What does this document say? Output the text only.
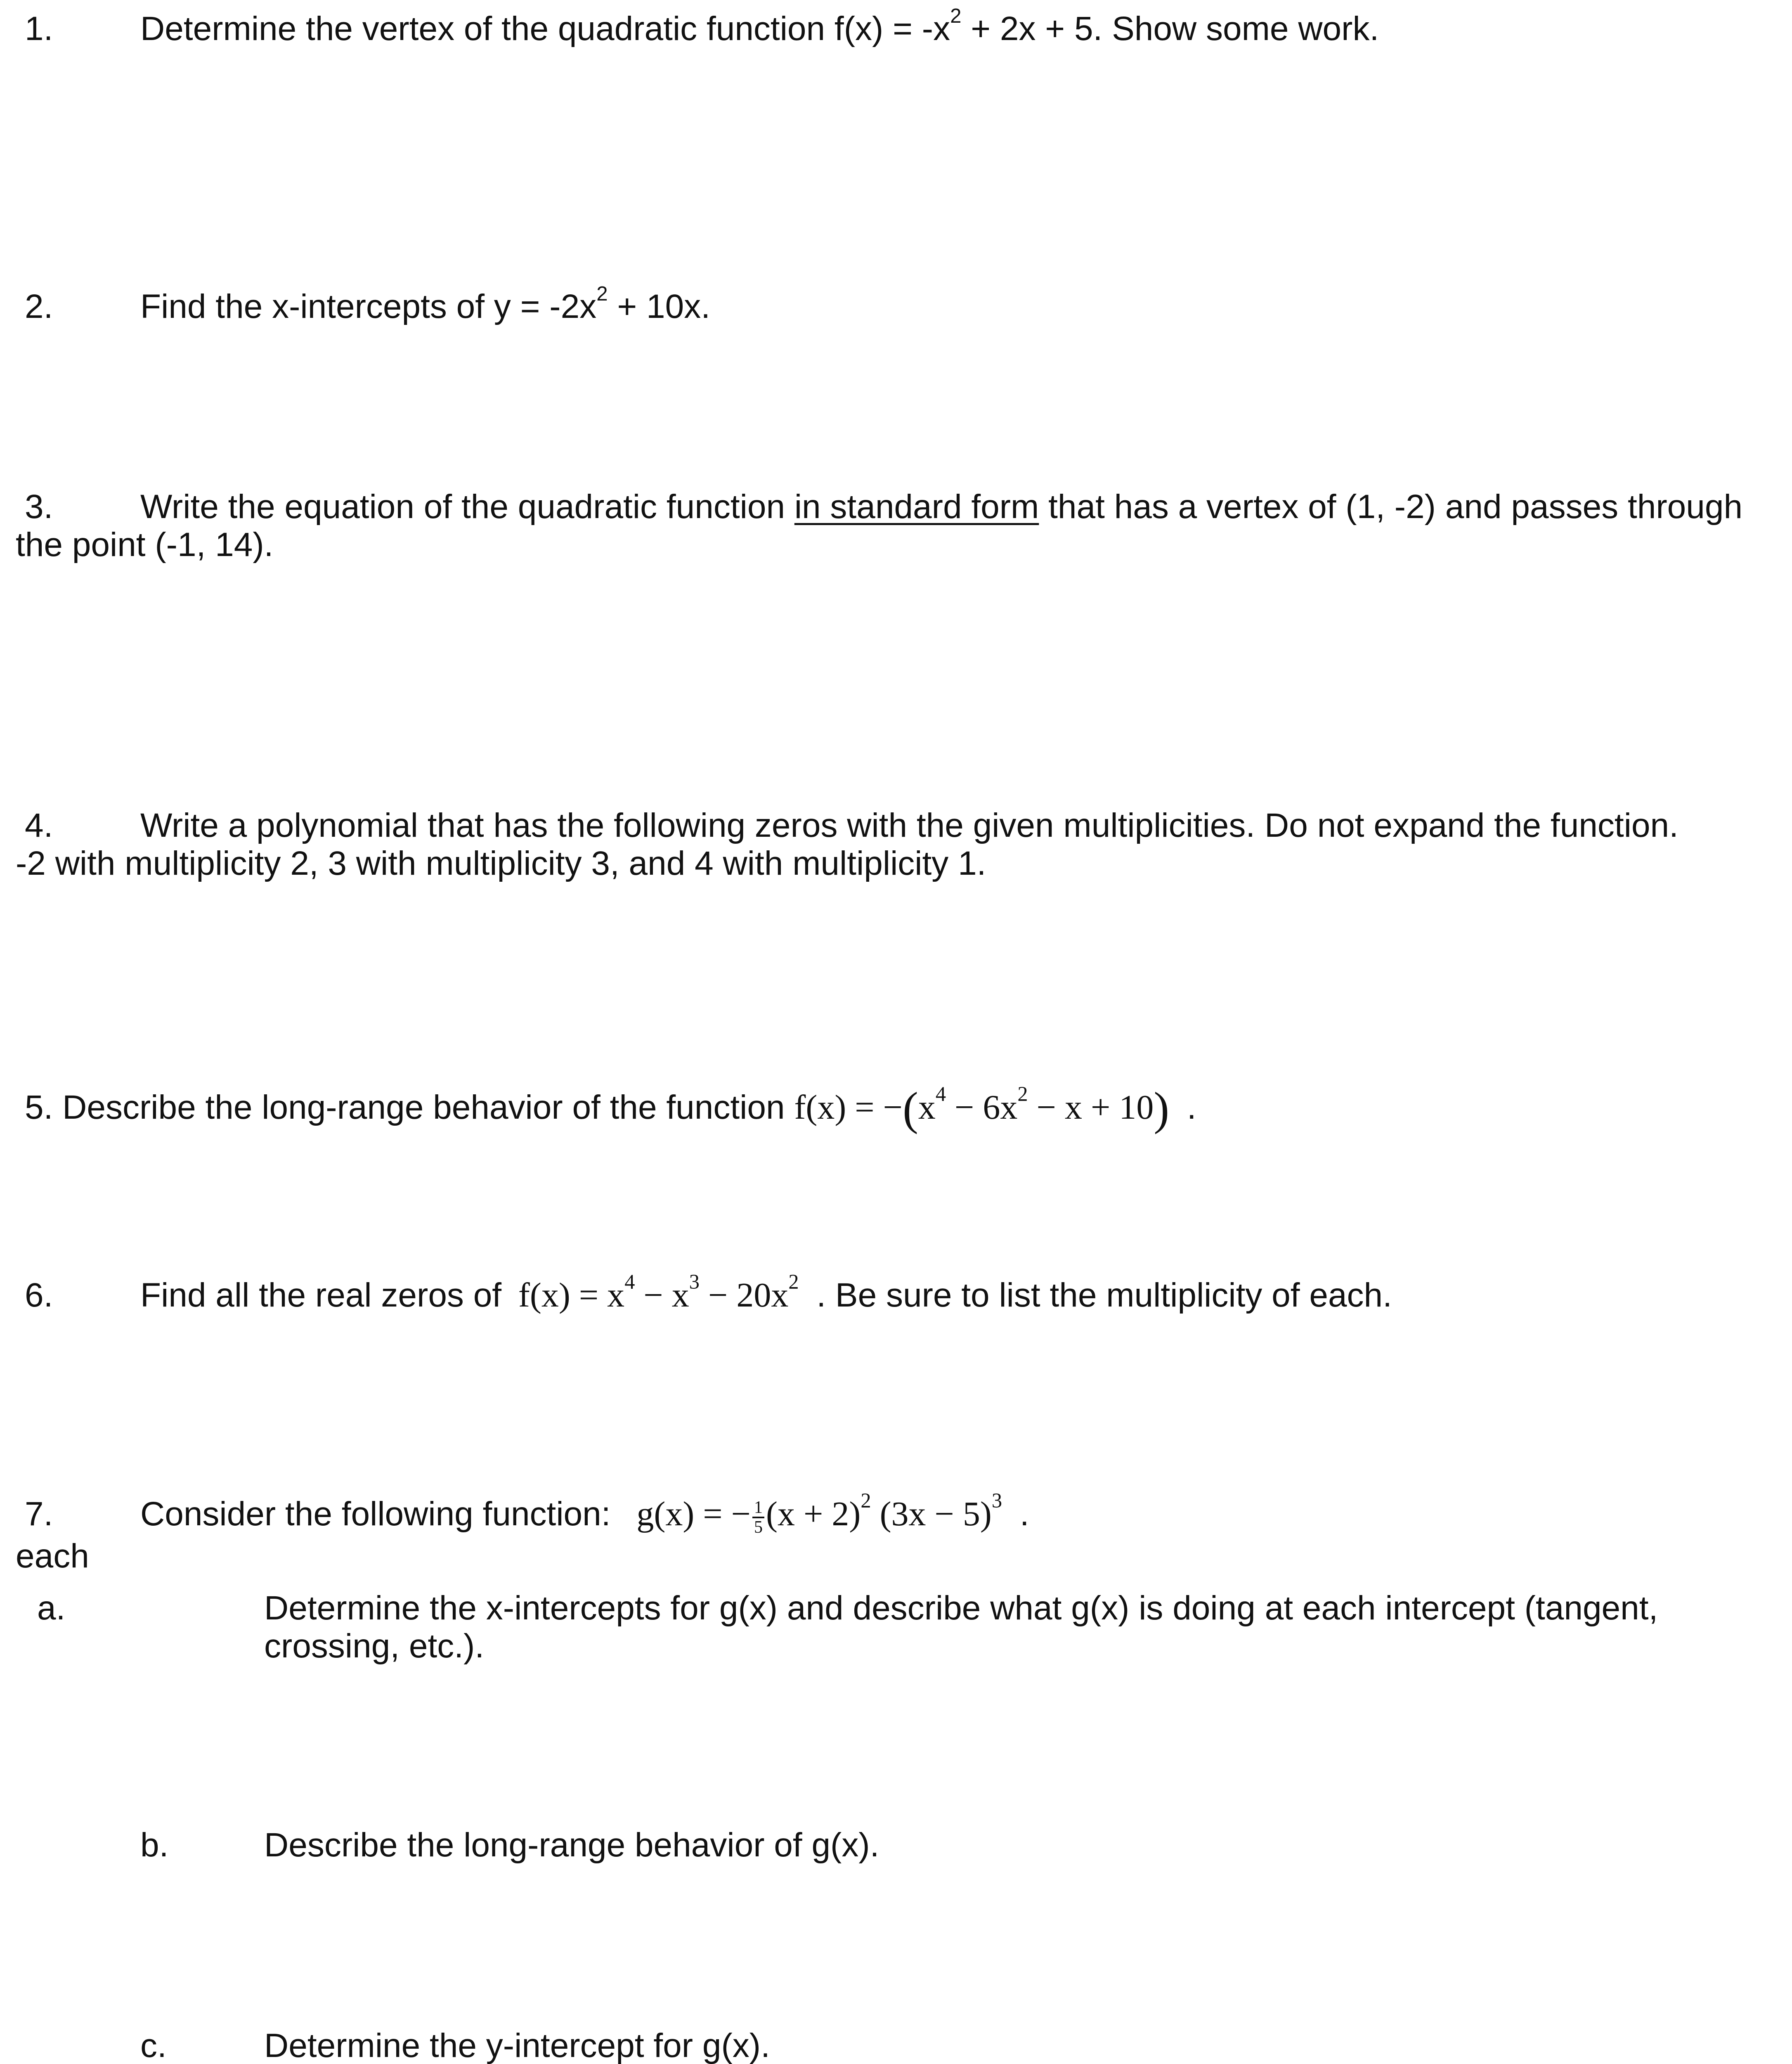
1.	Determine the vertex of the quadratic function $f(x) = -x^2 + 2x + 5$. Show some work.
2.	Find the x-intercepts of $y = -2x^2 + 10x$.
3.	Write the equation of the quadratic function in standard form that has a vertex of (1, -2) and passes through
the point (-1, 14).
4.	Write a polynomial that has the following zeros with the given multiplicities. Do not expand the function.
-2 with multiplicity 2, 3 with multiplicity 3, and 4 with multiplicity 1.
5. Describe the long-range behavior of the function $f(x) = -(x^4 - 6x^2 - x + 10)$ .
6.	Find all the real zeros of $f(x) = x^4 - x^3 - 20x^2$ . Be sure to list the multiplicity of each.
7.	Consider the following function: g(x) = − $\frac{1}{5} (x + 2)^2$ $(3x - 5)^3$ .
each
a.	Determine the x-intercepts for g(x) and describe what g(x) is doing at each intercept (tangent,
crossing, etc.).
b.	Describe the long-range behavior of g(x).
c.	Determine the y-intercept for g(x).
